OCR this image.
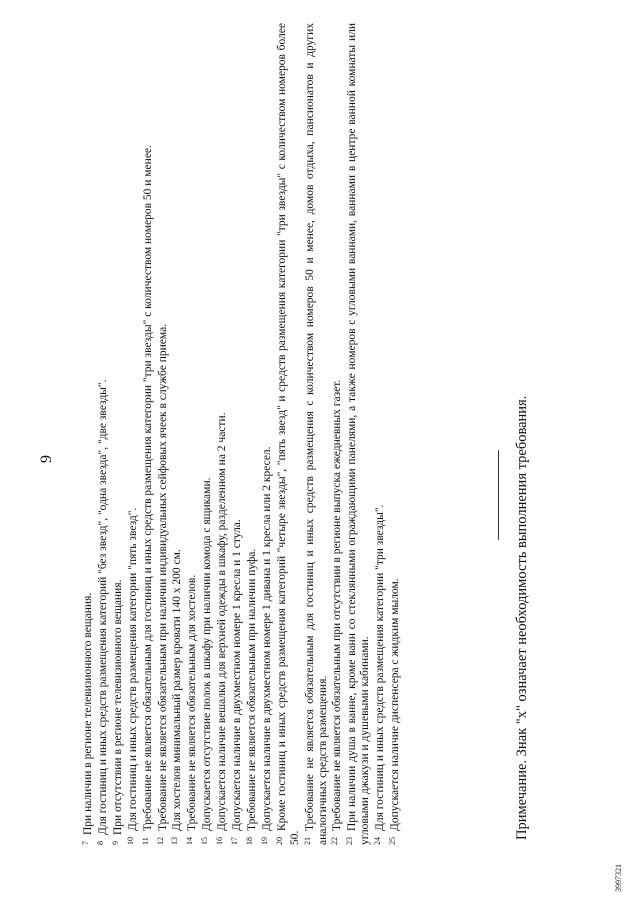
9

$^7$При наличии в регионе телевизионного вещания.

$^8$Для гостиниц и иных средств размещения категорий "без звезд", "одна звезда", "две звезды".

$^9$При отсутствии в регионе телевизионного вещания.

$^{10}$Для гостиниц и иных средств размещения категории "пять звезд".

$^{11}$Требование не является обязательным для гостиниц и иных средств размещения категории "три звезды" с количеством номеров 50 и менее.

$^{12}$Требование не является обязательным при наличии индивидуальных сейфовых ячеек в службе приема.

$^{13}$Для хостелов минимальный размер кровати 140 х 200 см.

$^{14}$Требование не является обязательным для хостелов.

$^{15}$Допускается отсутствие полок в шкафу при наличии комода с ящиками.

$^{16}$Допускается наличие вешалки для верхней одежды в шкафу, разделенном на 2 части.

$^{17}$Допускается наличие в двухместном номере 1 кресла и 1 стула.

$^{18}$Требование не является обязательным при наличии пуфа.

$^{19}$Допускается наличие в двухместном номере 1 дивана и 1 кресла или 2 кресел.

$^{20}$Кроме гостиниц и иных средств размещения категорий "четыре звезды", "пять звезд" и средств размещения категории "три звезды" с количеством номеров более 50. $^{21}$Требование не является обязательным для гостиниц и иных средств размещения с количеством номеров 50 и менее, домов отдыха, пансионатов и других аналогичных средств размещения. $^{22}$Требование не является обязательным при отсутствии в регионе выпуска ежедневных газет.

$^{23}$При наличии душа в ванне, кроме ванн со стеклянными ограждающими панелями, а также номеров с угловыми ваннами, ваннами в центре ванной комнаты или угловыми джакузи и душевыми кабинами. $^{24}$Для гостиниц и иных средств размещения категории "три звезды".

$^{25}$Допускается наличие диспенсера с жидким мылом.	Примечание. Знак "х" означает необходимость выполнения требования.
3997321
